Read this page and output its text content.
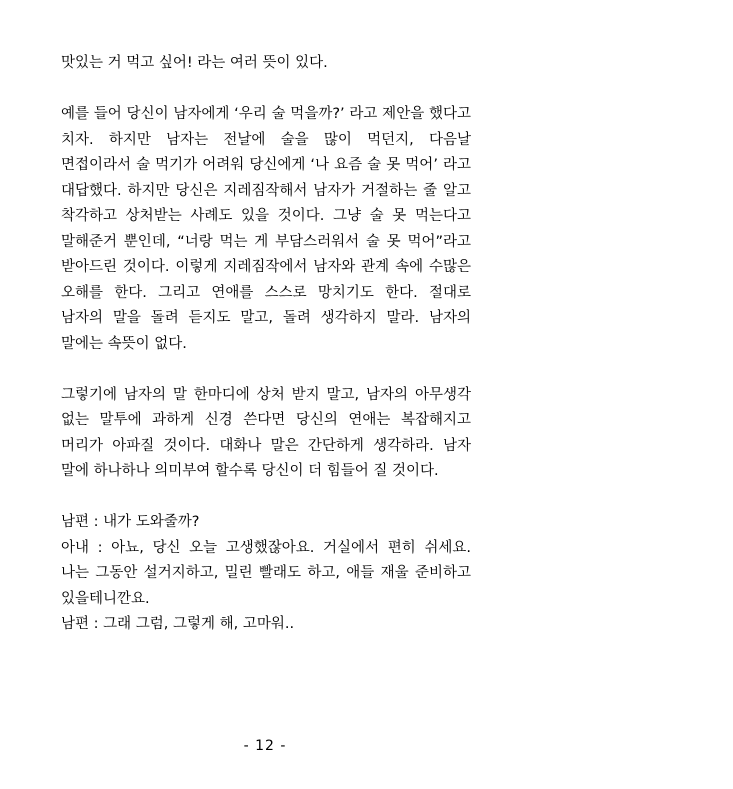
맛있는 거 먹고 싶어! 라는 여러 뜻이 있다.

예를 들어 당신이 남자에게 ‘우리 술 먹을까?’ 라고 제안을 했다고 치자. 하지만 남자는 전날에 술을 많이 먹던지, 다음날 면접이라서 술 먹기가 어려워 당신에게 ‘나 요즘 술 못 먹어’ 라고 대답했다. 하지만 당신은 지레짐작해서 남자가 거절하는 줄 알고 착각하고 상처받는 사례도 있을 것이다. 그냥 술 못 먹는다고 말해준거 뿐인데, “너랑 먹는 게 부담스러워서 술 못 먹어”라고 받아드린 것이다. 이렇게 지레짐작에서 남자와 관계 속에 수많은 오해를 한다. 그리고 연애를 스스로 망치기도 한다. 절대로 남자의 말을 돌려 듣지도 말고, 돌려 생각하지 말라. 남자의 말에는 속뜻이 없다.

그렇기에 남자의 말 한마디에 상처 받지 말고, 남자의 아무생각 없는 말투에 과하게 신경 쓴다면 당신의 연애는 복잡해지고 머리가 아파질 것이다. 대화나 말은 간단하게 생각하라. 남자 말에 하나하나 의미부여 할수록 당신이 더 힘들어 질 것이다.

남편 : 내가 도와줄까?

아내 : 아뇨, 당신 오늘 고생했잖아요. 거실에서 편히 쉬세요. 나는 그동안 설거지하고, 밀린 빨래도 하고, 애들 재울 준비하고 있을테니깐요.

남편 : 그래 그럼, 그렇게 해, 고마워..

- 12 -
